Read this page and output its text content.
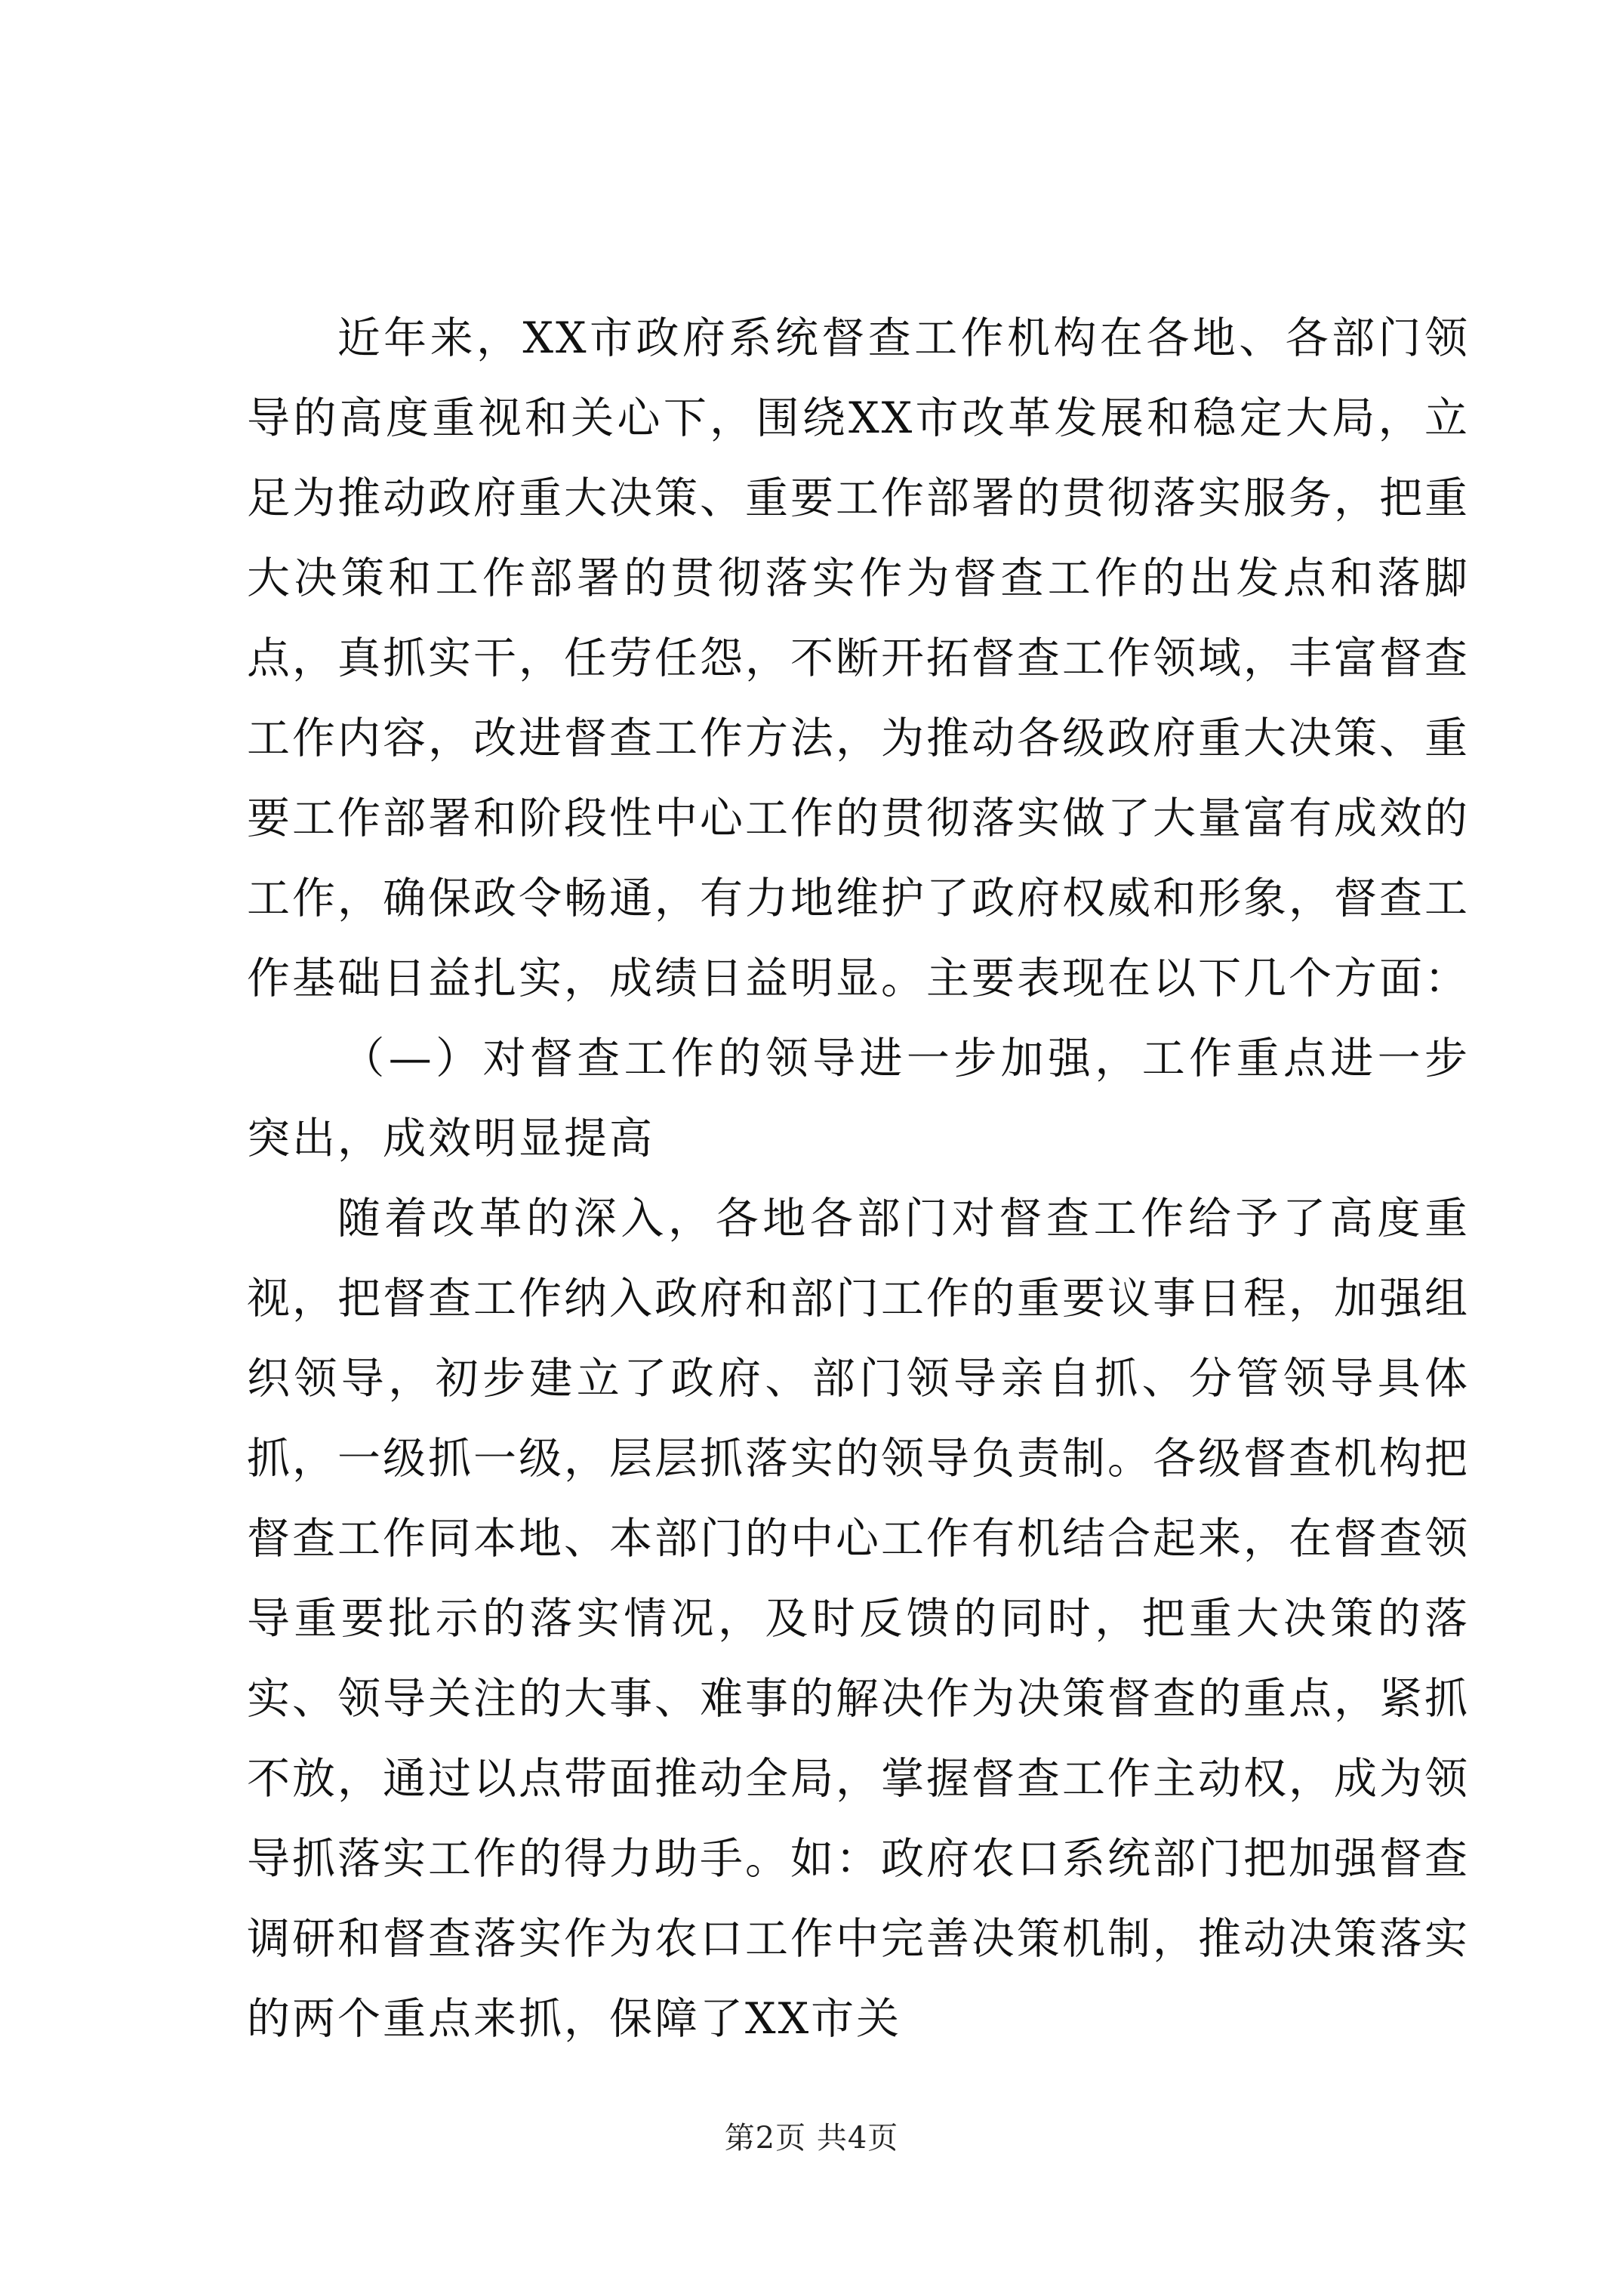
近年来，XX市政府系统督查工作机构在各地、各部门领导的高度重视和关心下，围绕XX市改革发展和稳定大局，立足为推动政府重大决策、重要工作部署的贯彻落实服务，把重大决策和工作部署的贯彻落实作为督查工作的出发点和落脚点，真抓实干，任劳任怨，不断开拓督查工作领域，丰富督查工作内容，改进督查工作方法，为推动各级政府重大决策、重要工作部署和阶段性中心工作的贯彻落实做了大量富有成效的工作，确保政令畅通，有力地维护了政府权威和形象，督查工作基础日益扎实，成绩日益明显。主要表现在以下几个方面：

（—）对督查工作的领导进一步加强，工作重点进一步突出，成效明显提高

随着改革的深入，各地各部门对督查工作给予了高度重视，把督查工作纳入政府和部门工作的重要议事日程，加强组织领导，初步建立了政府、部门领导亲自抓、分管领导具体抓，一级抓一级，层层抓落实的领导负责制。各级督查机构把督查工作同本地、本部门的中心工作有机结合起来，在督查领导重要批示的落实情况，及时反馈的同时，把重大决策的落实、领导关注的大事、难事的解决作为决策督查的重点，紧抓不放，通过以点带面推动全局，掌握督查工作主动权，成为领导抓落实工作的得力助手。如：政府农口系统部门把加强督查调研和督查落实作为农口工作中完善决策机制，推动决策落实的两个重点来抓，保障了XX市关

第2页 共4页
